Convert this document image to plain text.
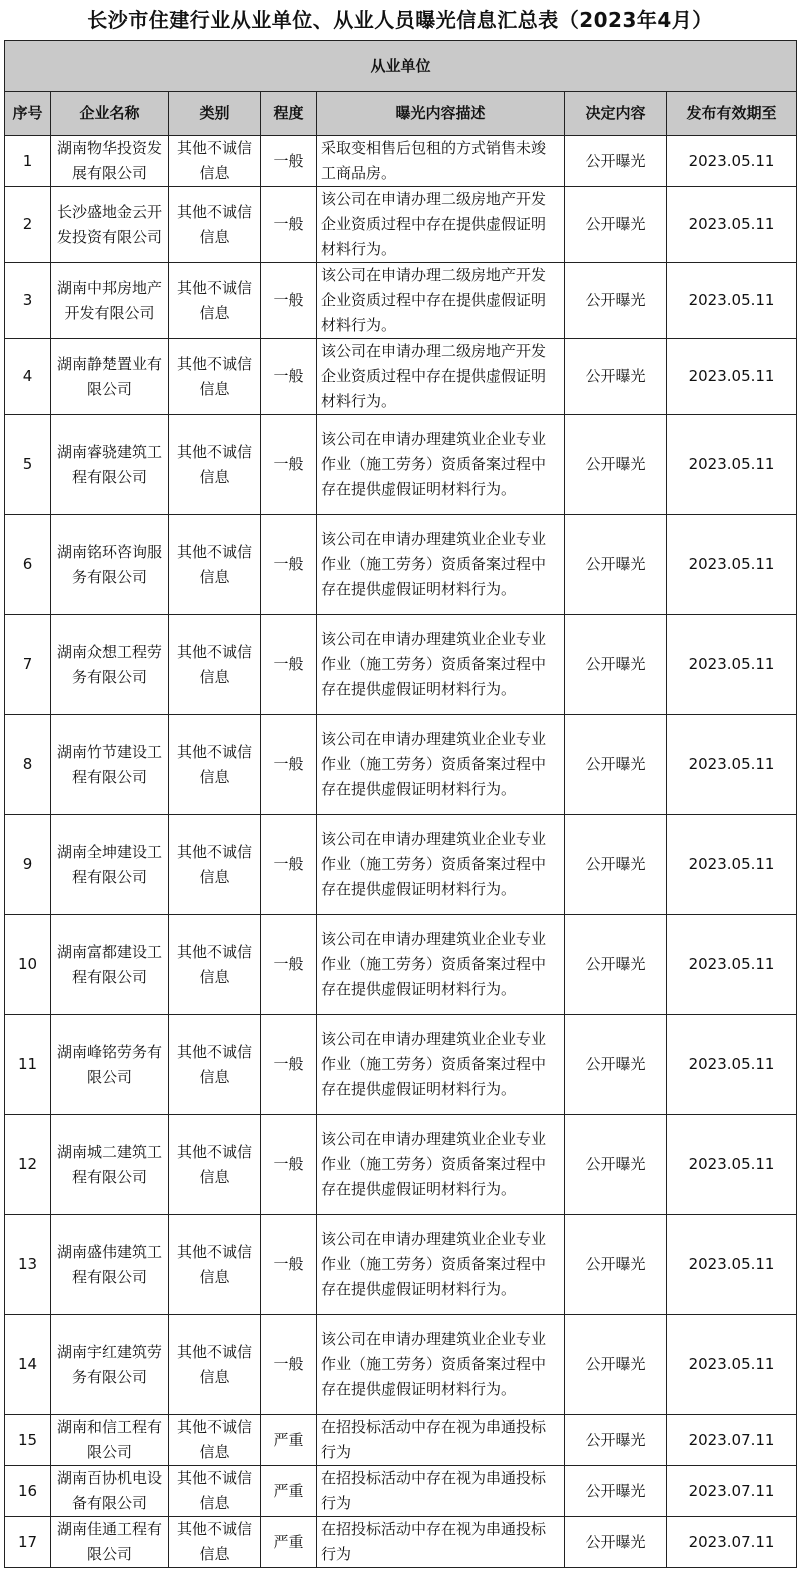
长沙市住建行业从业单位、从业人员曝光信息汇总表（2023年4月）
从业单位						
序号	企业名称	类别	程度	曝光内容描述	决定内容	发布有效期至
1	湖南物华投资发展有限公司	其他不诚信信息	一般	采取变相售后包租的方式销售未竣工商品房。	公开曝光	2023.05.11
2	长沙盛地金云开发投资有限公司	其他不诚信信息	一般	该公司在申请办理二级房地产开发企业资质过程中存在提供虚假证明材料行为。	公开曝光	2023.05.11
3	湖南中邦房地产开发有限公司	其他不诚信信息	一般	该公司在申请办理二级房地产开发企业资质过程中存在提供虚假证明材料行为。	公开曝光	2023.05.11
4	湖南静楚置业有限公司	其他不诚信信息	一般	该公司在申请办理二级房地产开发企业资质过程中存在提供虚假证明材料行为。	公开曝光	2023.05.11
5	湖南睿骁建筑工程有限公司	其他不诚信信息	一般	该公司在申请办理建筑业企业专业作业（施工劳务）资质备案过程中存在提供虚假证明材料行为。	公开曝光	2023.05.11
6	湖南铭环咨询服务有限公司	其他不诚信信息	一般	该公司在申请办理建筑业企业专业作业（施工劳务）资质备案过程中存在提供虚假证明材料行为。	公开曝光	2023.05.11
7	湖南众想工程劳务有限公司	其他不诚信信息	一般	该公司在申请办理建筑业企业专业作业（施工劳务）资质备案过程中存在提供虚假证明材料行为。	公开曝光	2023.05.11
8	湖南竹节建设工程有限公司	其他不诚信信息	一般	该公司在申请办理建筑业企业专业作业（施工劳务）资质备案过程中存在提供虚假证明材料行为。	公开曝光	2023.05.11
9	湖南全坤建设工程有限公司	其他不诚信信息	一般	该公司在申请办理建筑业企业专业作业（施工劳务）资质备案过程中存在提供虚假证明材料行为。	公开曝光	2023.05.11
10	湖南富都建设工程有限公司	其他不诚信信息	一般	该公司在申请办理建筑业企业专业作业（施工劳务）资质备案过程中存在提供虚假证明材料行为。	公开曝光	2023.05.11
11	湖南峰铭劳务有限公司	其他不诚信信息	一般	该公司在申请办理建筑业企业专业作业（施工劳务）资质备案过程中存在提供虚假证明材料行为。	公开曝光	2023.05.11
12	湖南城二建筑工程有限公司	其他不诚信信息	一般	该公司在申请办理建筑业企业专业作业（施工劳务）资质备案过程中存在提供虚假证明材料行为。	公开曝光	2023.05.11
13	湖南盛伟建筑工程有限公司	其他不诚信信息	一般	该公司在申请办理建筑业企业专业作业（施工劳务）资质备案过程中存在提供虚假证明材料行为。	公开曝光	2023.05.11
14	湖南宇红建筑劳务有限公司	其他不诚信信息	一般	该公司在申请办理建筑业企业专业作业（施工劳务）资质备案过程中存在提供虚假证明材料行为。	公开曝光	2023.05.11
15	湖南和信工程有限公司	其他不诚信信息	严重	在招投标活动中存在视为串通投标行为	公开曝光	2023.07.11
16	湖南百协机电设备有限公司	其他不诚信信息	严重	在招投标活动中存在视为串通投标行为	公开曝光	2023.07.11
17	湖南佳通工程有限公司	其他不诚信信息	严重	在招投标活动中存在视为串通投标行为	公开曝光	2023.07.11
